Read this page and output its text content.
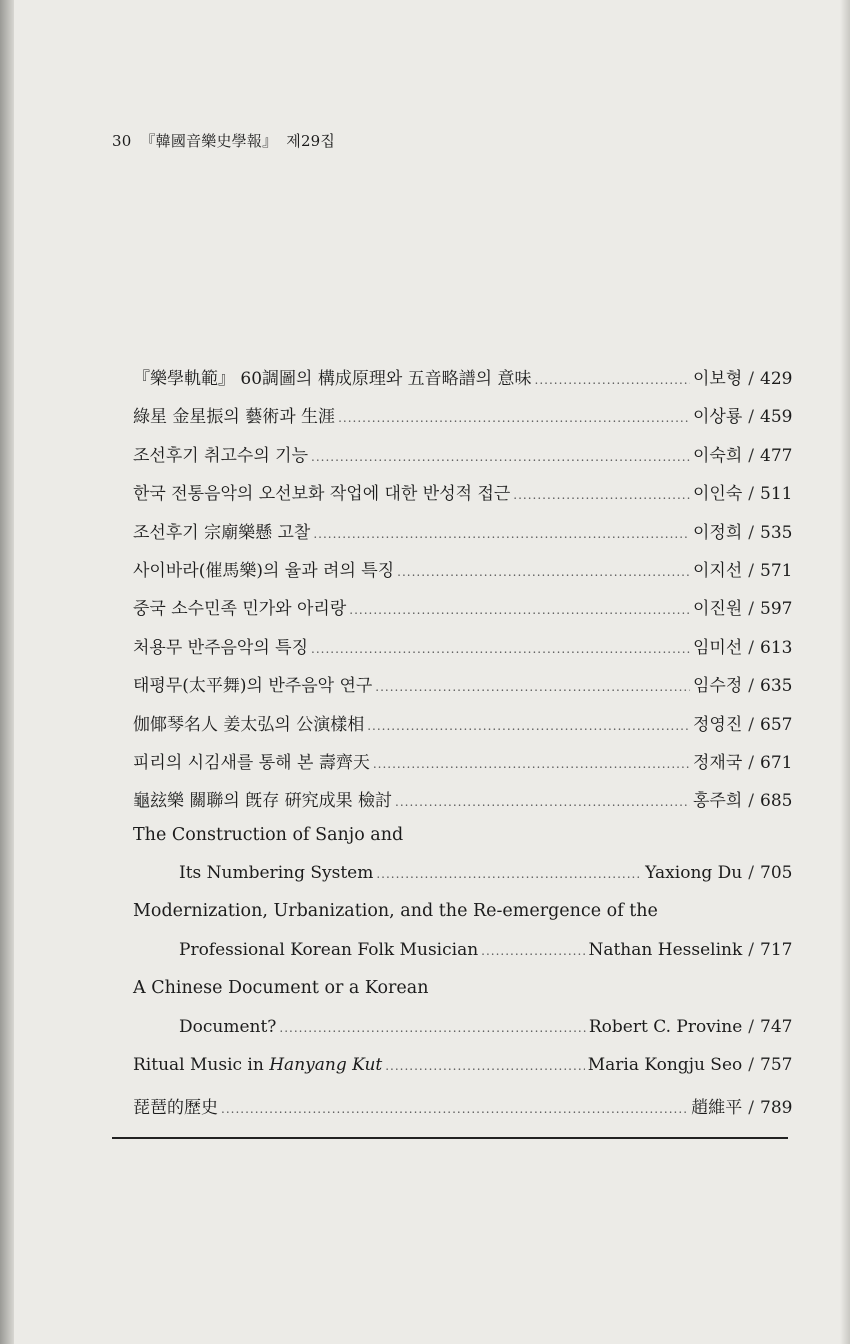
30 『韓國音樂史學報』 제29집
『樂學軌範』 60調圖의 構成原理와 五音略譜의 意味 .....	이보형 / 429
綠星 金星振의 藝術과 生涯 .....	이상룡 / 459
조선후기 취고수의 기능 .....	이숙희 / 477
한국 전통음악의 오선보화 작업에 대한 반성적 접근 .....	이인숙 / 511
조선후기 宗廟樂懸 고찰 .....	이정희 / 535
사이바라(催馬樂)의 율과 려의 특징 .....	이지선 / 571
중국 소수민족 민가와 아리랑 .....	이진원 / 597
처용무 반주음악의 특징 .....	임미선 / 613
태평무(太平舞)의 반주음악 연구 .....	임수정 / 635
伽倻琴名人 姜太弘의 公演樣相 .....	정영진 / 657
피리의 시김새를 통해 본 壽齊天 .....	정재국 / 671
龜玆樂 關聯의 旣存 硏究成果 檢討 .....	홍주희 / 685
The Construction of Sanjo and
Its Numbering System .....	Yaxiong Du / 705
Modernization, Urbanization, and the Re-emergence of the
Professional Korean Folk Musician .....	Nathan Hesselink / 717
A Chinese Document or a Korean
Document? .....	Robert C. Provine / 747
Ritual Music in Hanyang Kut .....	Maria Kongju Seo / 757
琵琶的歷史 .....	趙維平 / 789
